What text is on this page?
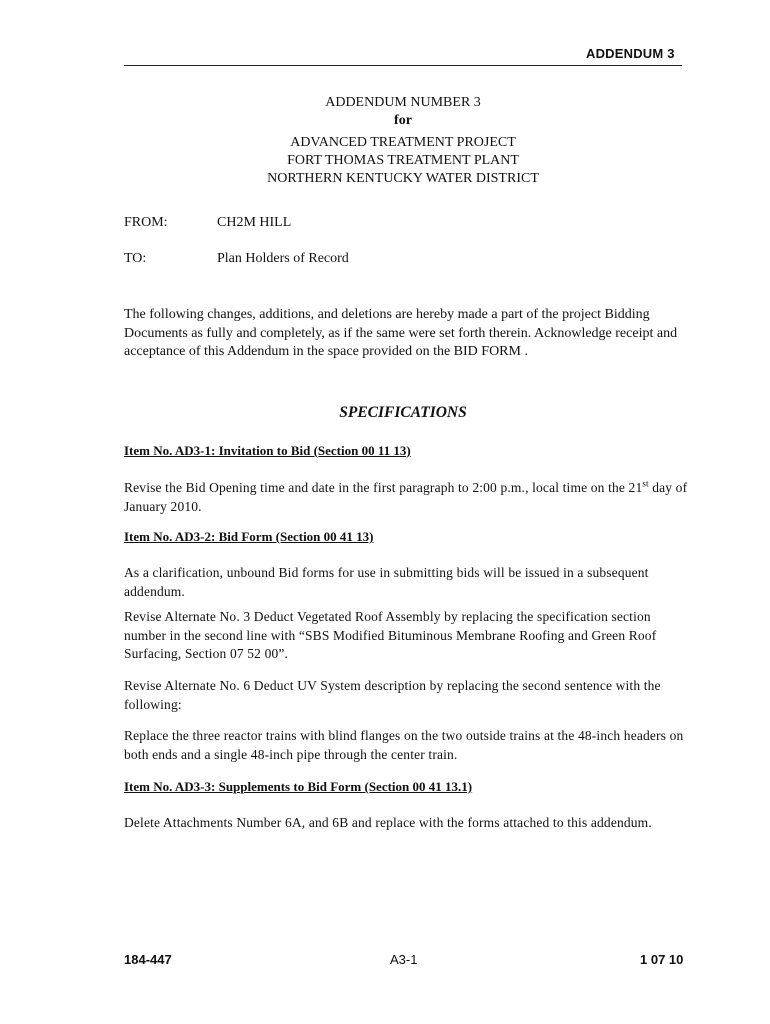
ADDENDUM 3
ADDENDUM NUMBER 3
for
ADVANCED TREATMENT PROJECT
FORT THOMAS TREATMENT PLANT
NORTHERN KENTUCKY WATER DISTRICT
FROM:	CH2M HILL
TO:	Plan Holders of Record
The following changes, additions, and deletions are hereby made a part of the project Bidding Documents as fully and completely, as if the same were set forth therein. Acknowledge receipt and acceptance of this Addendum in the space provided on the BID FORM .
SPECIFICATIONS
Item No. AD3-1: Invitation to Bid (Section 00 11 13)
Revise the Bid Opening time and date in the first paragraph to 2:00 p.m., local time on the 21st day of January 2010.
Item No. AD3-2: Bid Form (Section 00 41 13)
As a clarification, unbound Bid forms for use in submitting bids will be issued in a subsequent addendum.
Revise Alternate No. 3 Deduct Vegetated Roof Assembly by replacing the specification section number in the second line with “SBS Modified Bituminous Membrane Roofing and Green Roof Surfacing, Section 07 52 00”.
Revise Alternate No. 6 Deduct UV System description by replacing the second sentence with the following:
Replace the three reactor trains with blind flanges on the two outside trains at the 48-inch headers on both ends and a single 48-inch pipe through the center train.
Item No. AD3-3: Supplements to Bid Form (Section 00 41 13.1)
Delete Attachments Number 6A, and 6B and replace with the forms attached to this addendum.
184-447	A3-1	1 07 10
